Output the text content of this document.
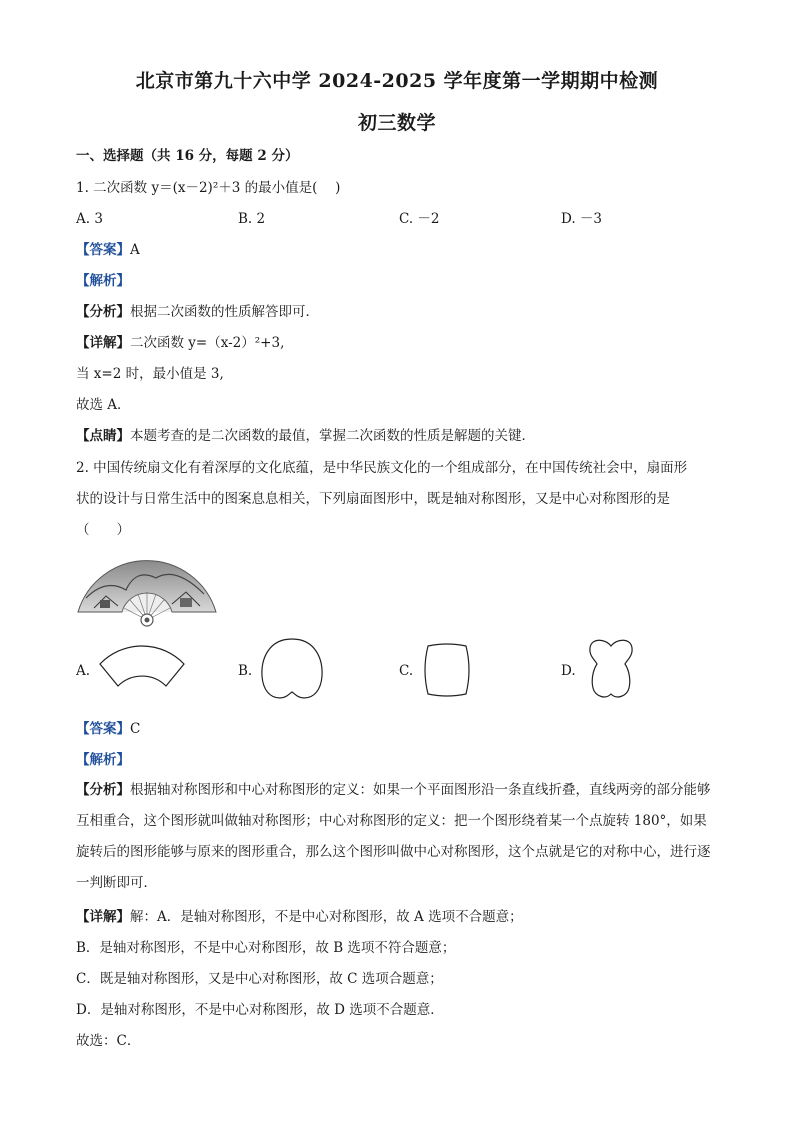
北京市第九十六中学 2024-2025 学年度第一学期期中检测
初三数学
一、选择题（共 16 分，每题 2 分）
1. 二次函数 y＝(x－2)²＋3 的最小值是(　 )
A. 3	B. 2	C. －2	D. －3
【答案】A
【解析】
【分析】根据二次函数的性质解答即可．
【详解】二次函数 y=（x-2）²+3,
当 x=2 时，最小值是 3,
故选 A．
【点睛】本题考查的是二次函数的最值，掌握二次函数的性质是解题的关键．
2. 中国传统扇文化有着深厚的文化底蕴，是中华民族文化的一个组成部分，在中国传统社会中，扇面形
状的设计与日常生活中的图案息息相关，下列扇面图形中，既是轴对称图形，又是中心对称图形的是
（　　）
A.	B.	C.	D.
【答案】C
【解析】
【分析】根据轴对称图形和中心对称图形的定义：如果一个平面图形沿一条直线折叠，直线两旁的部分能够互相重合，这个图形就叫做轴对称图形；中心对称图形的定义：把一个图形绕着某一个点旋转 180°，如果旋转后的图形能够与原来的图形重合，那么这个图形叫做中心对称图形，这个点就是它的对称中心，进行逐一判断即可．
【详解】解：A．是轴对称图形，不是中心对称图形，故 A 选项不合题意；
B．是轴对称图形，不是中心对称图形，故 B 选项不符合题意；
C．既是轴对称图形，又是中心对称图形，故 C 选项合题意；
D．是轴对称图形，不是中心对称图形，故 D 选项不合题意．
故选：C．
